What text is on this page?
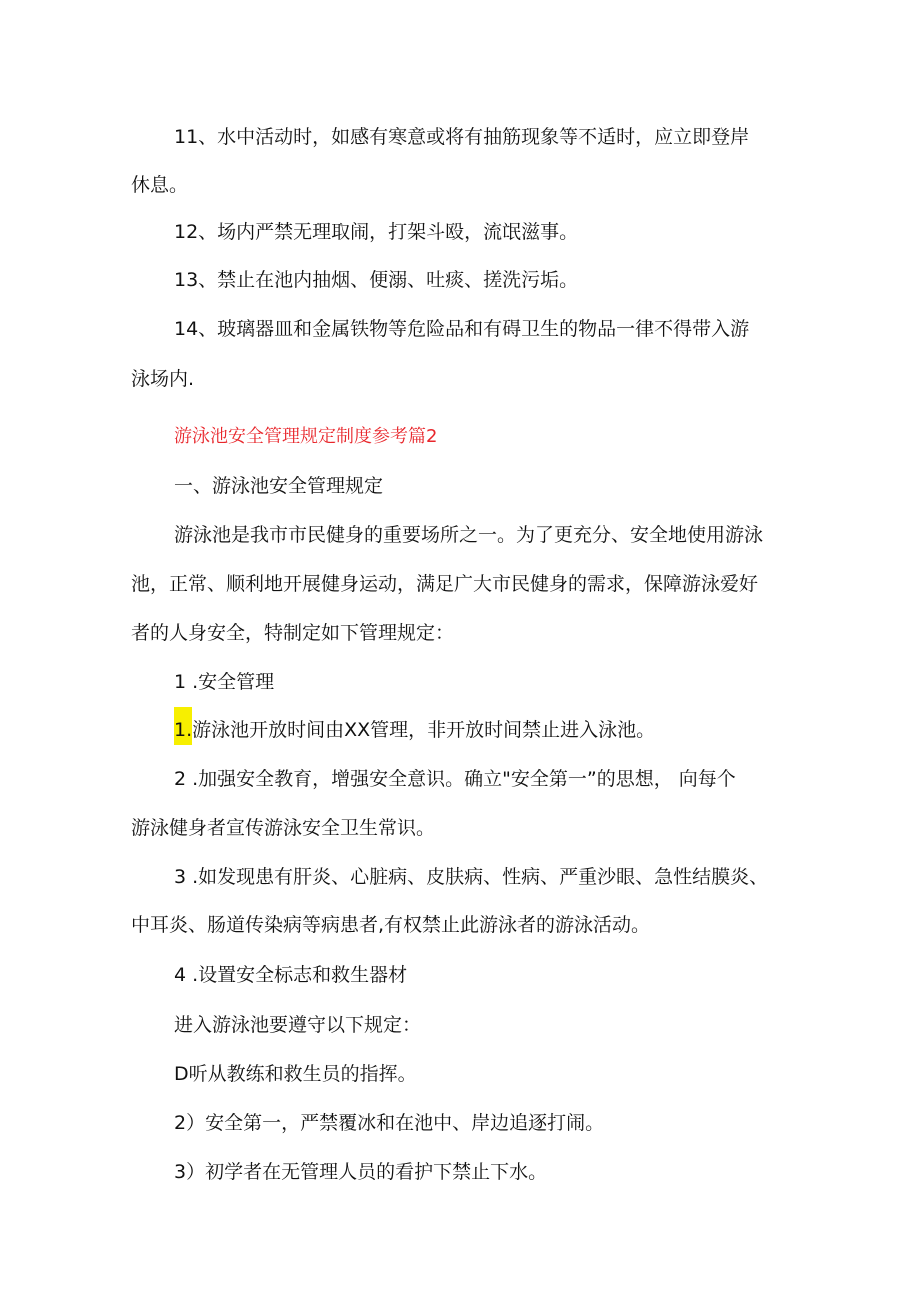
11、水中活动时，如感有寒意或将有抽筋现象等不适时，应立即登岸
休息。
12、场内严禁无理取闹，打架斗殴，流氓滋事。
13、禁止在池内抽烟、便溺、吐痰、搓洗污垢。
14、玻璃器皿和金属铁物等危险品和有碍卫生的物品一律不得带入游
泳场内.
游泳池安全管理规定制度参考篇2
一、游泳池安全管理规定
游泳池是我市市民健身的重要场所之一。为了更充分、安全地使用游泳
池，正常、顺利地开展健身运动，满足广大市民健身的需求，保障游泳爱好
者的人身安全，特制定如下管理规定：
1 .安全管理
1.游泳池开放时间由XX管理，非开放时间禁止进入泳池。
2 .加强安全教育，增强安全意识。确立"安全第一”的思想， 向每个
游泳健身者宣传游泳安全卫生常识。
3 .如发现患有肝炎、心脏病、皮肤病、性病、严重沙眼、急性结膜炎、
中耳炎、肠道传染病等病患者,有权禁止此游泳者的游泳活动。
4 .设置安全标志和救生器材
进入游泳池要遵守以下规定：
D听从教练和救生员的指挥。
2）安全第一，严禁覆冰和在池中、岸边追逐打闹。
3）初学者在无管理人员的看护下禁止下水。
